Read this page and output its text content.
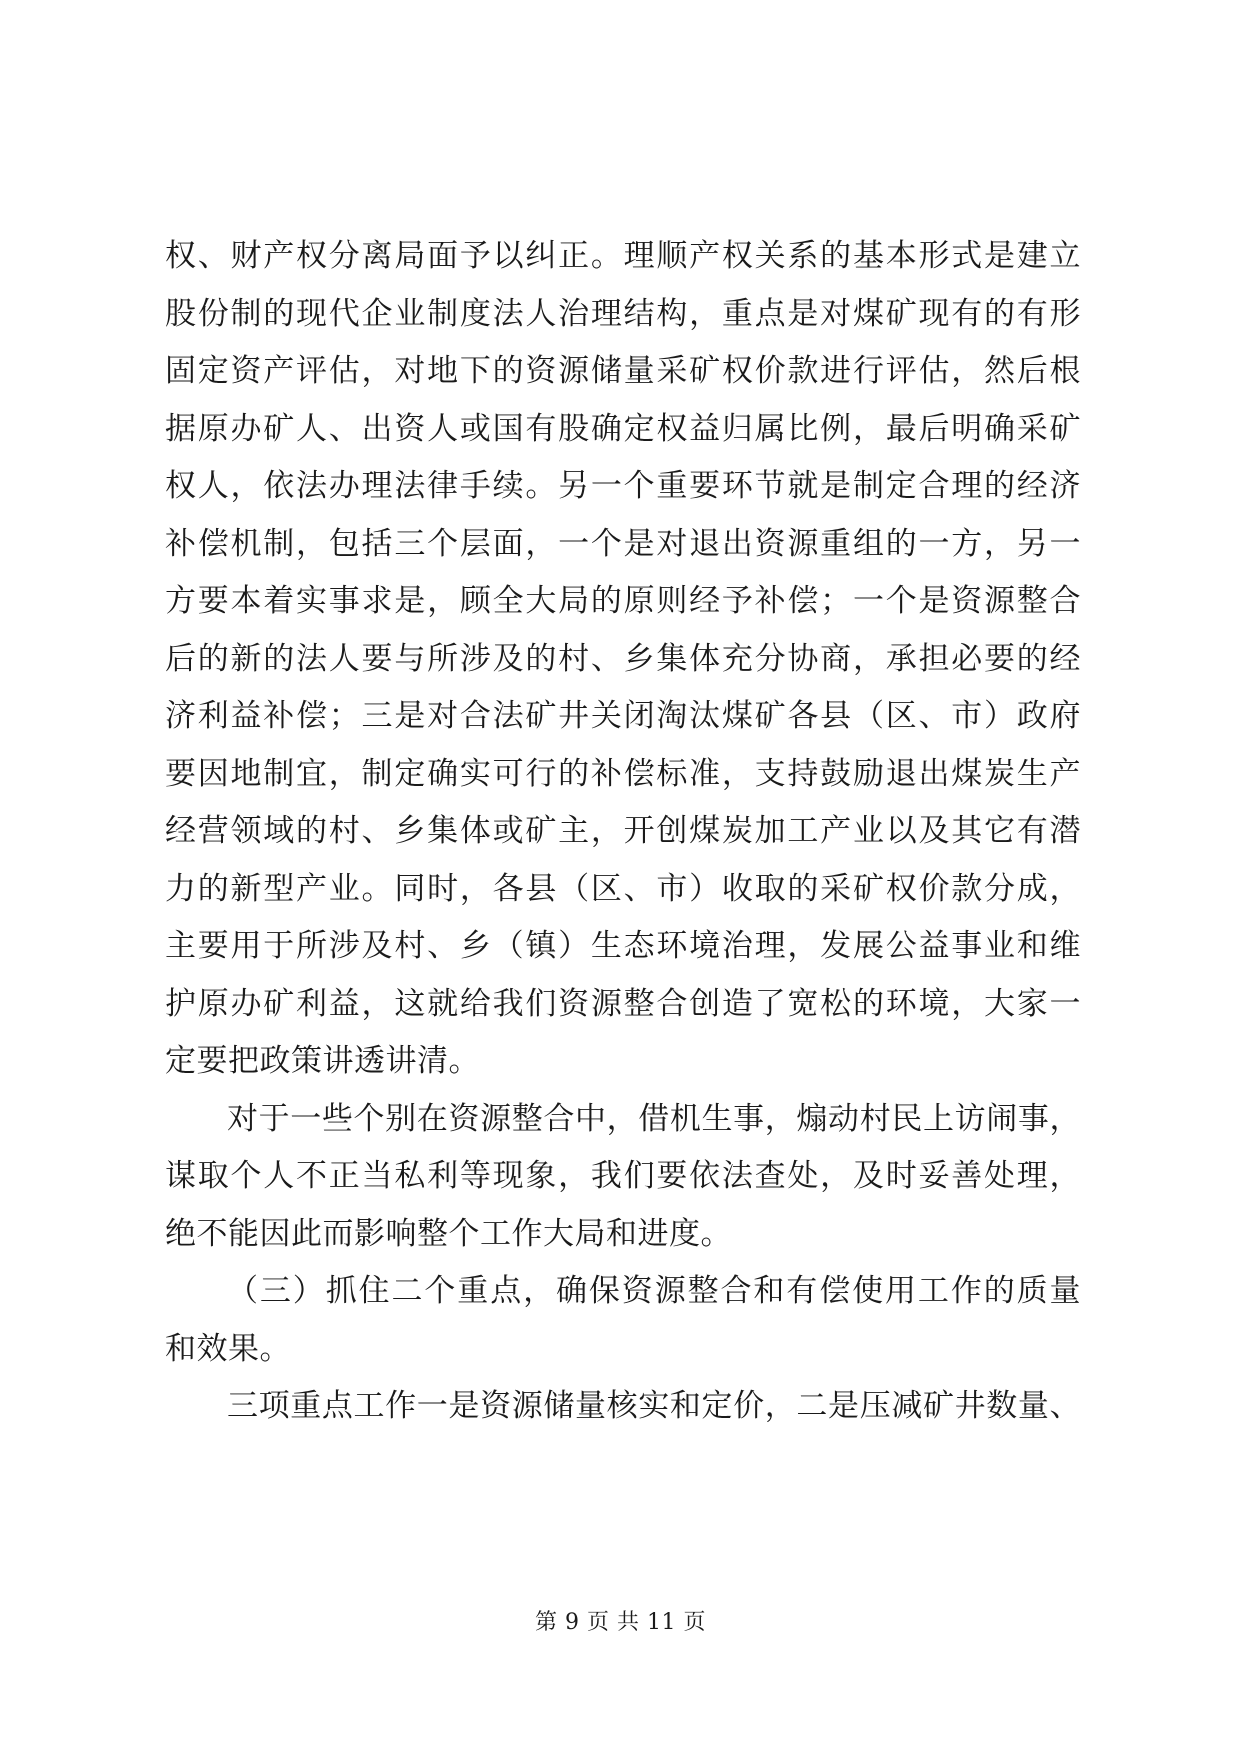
权、财产权分离局面予以纠正。理顺产权关系的基本形式是建立

股份制的现代企业制度法人治理结构，重点是对煤矿现有的有形

固定资产评估，对地下的资源储量采矿权价款进行评估，然后根

据原办矿人、出资人或国有股确定权益归属比例，最后明确采矿

权人，依法办理法律手续。另一个重要环节就是制定合理的经济

补偿机制，包括三个层面，一个是对退出资源重组的一方，另一

方要本着实事求是，顾全大局的原则经予补偿；一个是资源整合

后的新的法人要与所涉及的村、乡集体充分协商，承担必要的经

济利益补偿；三是对合法矿井关闭淘汰煤矿各县（区、市）政府

要因地制宜，制定确实可行的补偿标准，支持鼓励退出煤炭生产

经营领域的村、乡集体或矿主，开创煤炭加工产业以及其它有潜

力的新型产业。同时，各县（区、市）收取的采矿权价款分成，

主要用于所涉及村、乡（镇）生态环境治理，发展公益事业和维

护原办矿利益，这就给我们资源整合创造了宽松的环境，大家一

定要把政策讲透讲清。

对于一些个别在资源整合中，借机生事，煽动村民上访闹事，

谋取个人不正当私利等现象，我们要依法查处，及时妥善处理，

绝不能因此而影响整个工作大局和进度。

（三）抓住二个重点，确保资源整合和有偿使用工作的质量

和效果。

三项重点工作一是资源储量核实和定价，二是压减矿井数量、

第 9 页 共 11 页
